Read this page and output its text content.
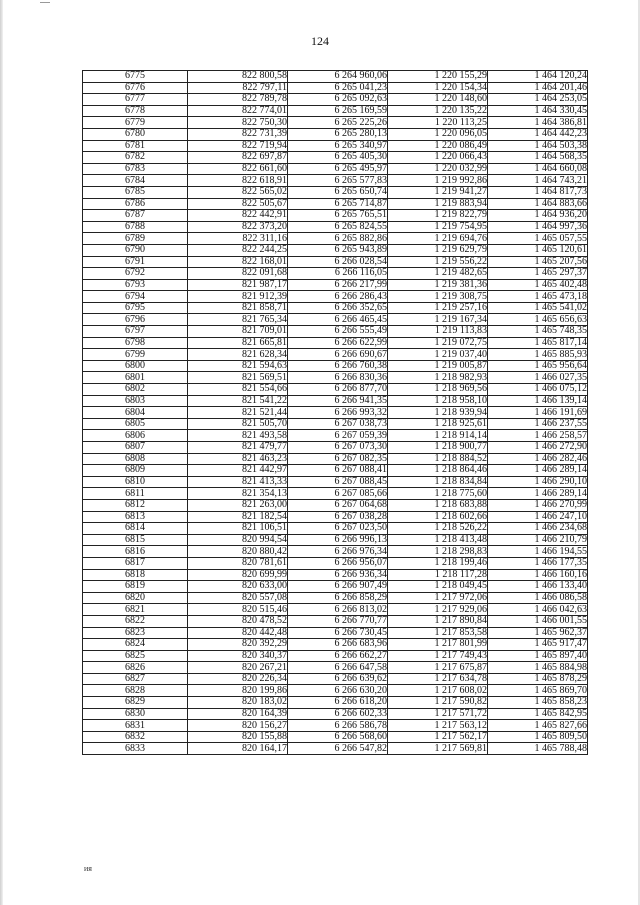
124
6775	822 800,58	6 264 960,06	1 220 155,29	1 464 120,24
6776	822 797,11	6 265 041,23	1 220 154,34	1 464 201,46
6777	822 789,78	6 265 092,63	1 220 148,60	1 464 253,05
6778	822 774,01	6 265 169,59	1 220 135,22	1 464 330,45
6779	822 750,30	6 265 225,26	1 220 113,25	1 464 386,81
6780	822 731,39	6 265 280,13	1 220 096,05	1 464 442,23
6781	822 719,94	6 265 340,97	1 220 086,49	1 464 503,38
6782	822 697,87	6 265 405,30	1 220 066,43	1 464 568,35
6783	822 661,60	6 265 495,97	1 220 032,99	1 464 660,08
6784	822 618,91	6 265 577,83	1 219 992,86	1 464 743,21
6785	822 565,02	6 265 650,74	1 219 941,27	1 464 817,73
6786	822 505,67	6 265 714,87	1 219 883,94	1 464 883,66
6787	822 442,91	6 265 765,51	1 219 822,79	1 464 936,20
6788	822 373,20	6 265 824,55	1 219 754,95	1 464 997,36
6789	822 311,16	6 265 882,86	1 219 694,76	1 465 057,55
6790	822 244,25	6 265 943,89	1 219 629,79	1 465 120,61
6791	822 168,01	6 266 028,54	1 219 556,22	1 465 207,56
6792	822 091,68	6 266 116,05	1 219 482,65	1 465 297,37
6793	821 987,17	6 266 217,99	1 219 381,36	1 465 402,48
6794	821 912,39	6 266 286,43	1 219 308,75	1 465 473,18
6795	821 858,71	6 266 352,65	1 219 257,16	1 465 541,02
6796	821 765,34	6 266 465,45	1 219 167,34	1 465 656,63
6797	821 709,01	6 266 555,49	1 219 113,83	1 465 748,35
6798	821 665,81	6 266 622,99	1 219 072,75	1 465 817,14
6799	821 628,34	6 266 690,67	1 219 037,40	1 465 885,93
6800	821 594,63	6 266 760,38	1 219 005,87	1 465 956,64
6801	821 569,51	6 266 830,36	1 218 982,93	1 466 027,35
6802	821 554,66	6 266 877,70	1 218 969,56	1 466 075,12
6803	821 541,22	6 266 941,35	1 218 958,10	1 466 139,14
6804	821 521,44	6 266 993,32	1 218 939,94	1 466 191,69
6805	821 505,70	6 267 038,73	1 218 925,61	1 466 237,55
6806	821 493,58	6 267 059,39	1 218 914,14	1 466 258,57
6807	821 479,77	6 267 073,30	1 218 900,77	1 466 272,90
6808	821 463,23	6 267 082,35	1 218 884,52	1 466 282,46
6809	821 442,97	6 267 088,41	1 218 864,46	1 466 289,14
6810	821 413,33	6 267 088,45	1 218 834,84	1 466 290,10
6811	821 354,13	6 267 085,66	1 218 775,60	1 466 289,14
6812	821 263,00	6 267 064,68	1 218 683,88	1 466 270,99
6813	821 182,54	6 267 038,28	1 218 602,66	1 466 247,10
6814	821 106,51	6 267 023,50	1 218 526,22	1 466 234,68
6815	820 994,54	6 266 996,13	1 218 413,48	1 466 210,79
6816	820 880,42	6 266 976,34	1 218 298,83	1 466 194,55
6817	820 781,61	6 266 956,07	1 218 199,46	1 466 177,35
6818	820 699,99	6 266 936,34	1 218 117,28	1 466 160,16
6819	820 633,00	6 266 907,49	1 218 049,45	1 466 133,40
6820	820 557,08	6 266 858,29	1 217 972,06	1 466 086,58
6821	820 515,46	6 266 813,02	1 217 929,06	1 466 042,63
6822	820 478,52	6 266 770,77	1 217 890,84	1 466 001,55
6823	820 442,48	6 266 730,45	1 217 853,58	1 465 962,37
6824	820 392,29	6 266 683,96	1 217 801,99	1 465 917,47
6825	820 340,37	6 266 662,27	1 217 749,43	1 465 897,40
6826	820 267,21	6 266 647,58	1 217 675,87	1 465 884,98
6827	820 226,34	6 266 639,62	1 217 634,78	1 465 878,29
6828	820 199,86	6 266 630,20	1 217 608,02	1 465 869,70
6829	820 183,02	6 266 618,20	1 217 590,82	1 465 858,23
6830	820 164,39	6 266 602,33	1 217 571,72	1 465 842,95
6831	820 156,27	6 266 586,78	1 217 563,12	1 465 827,66
6832	820 155,88	6 266 568,60	1 217 562,17	1 465 809,50
6833	820 164,17	6 266 547,82	1 217 569,81	1 465 788,48
ия
